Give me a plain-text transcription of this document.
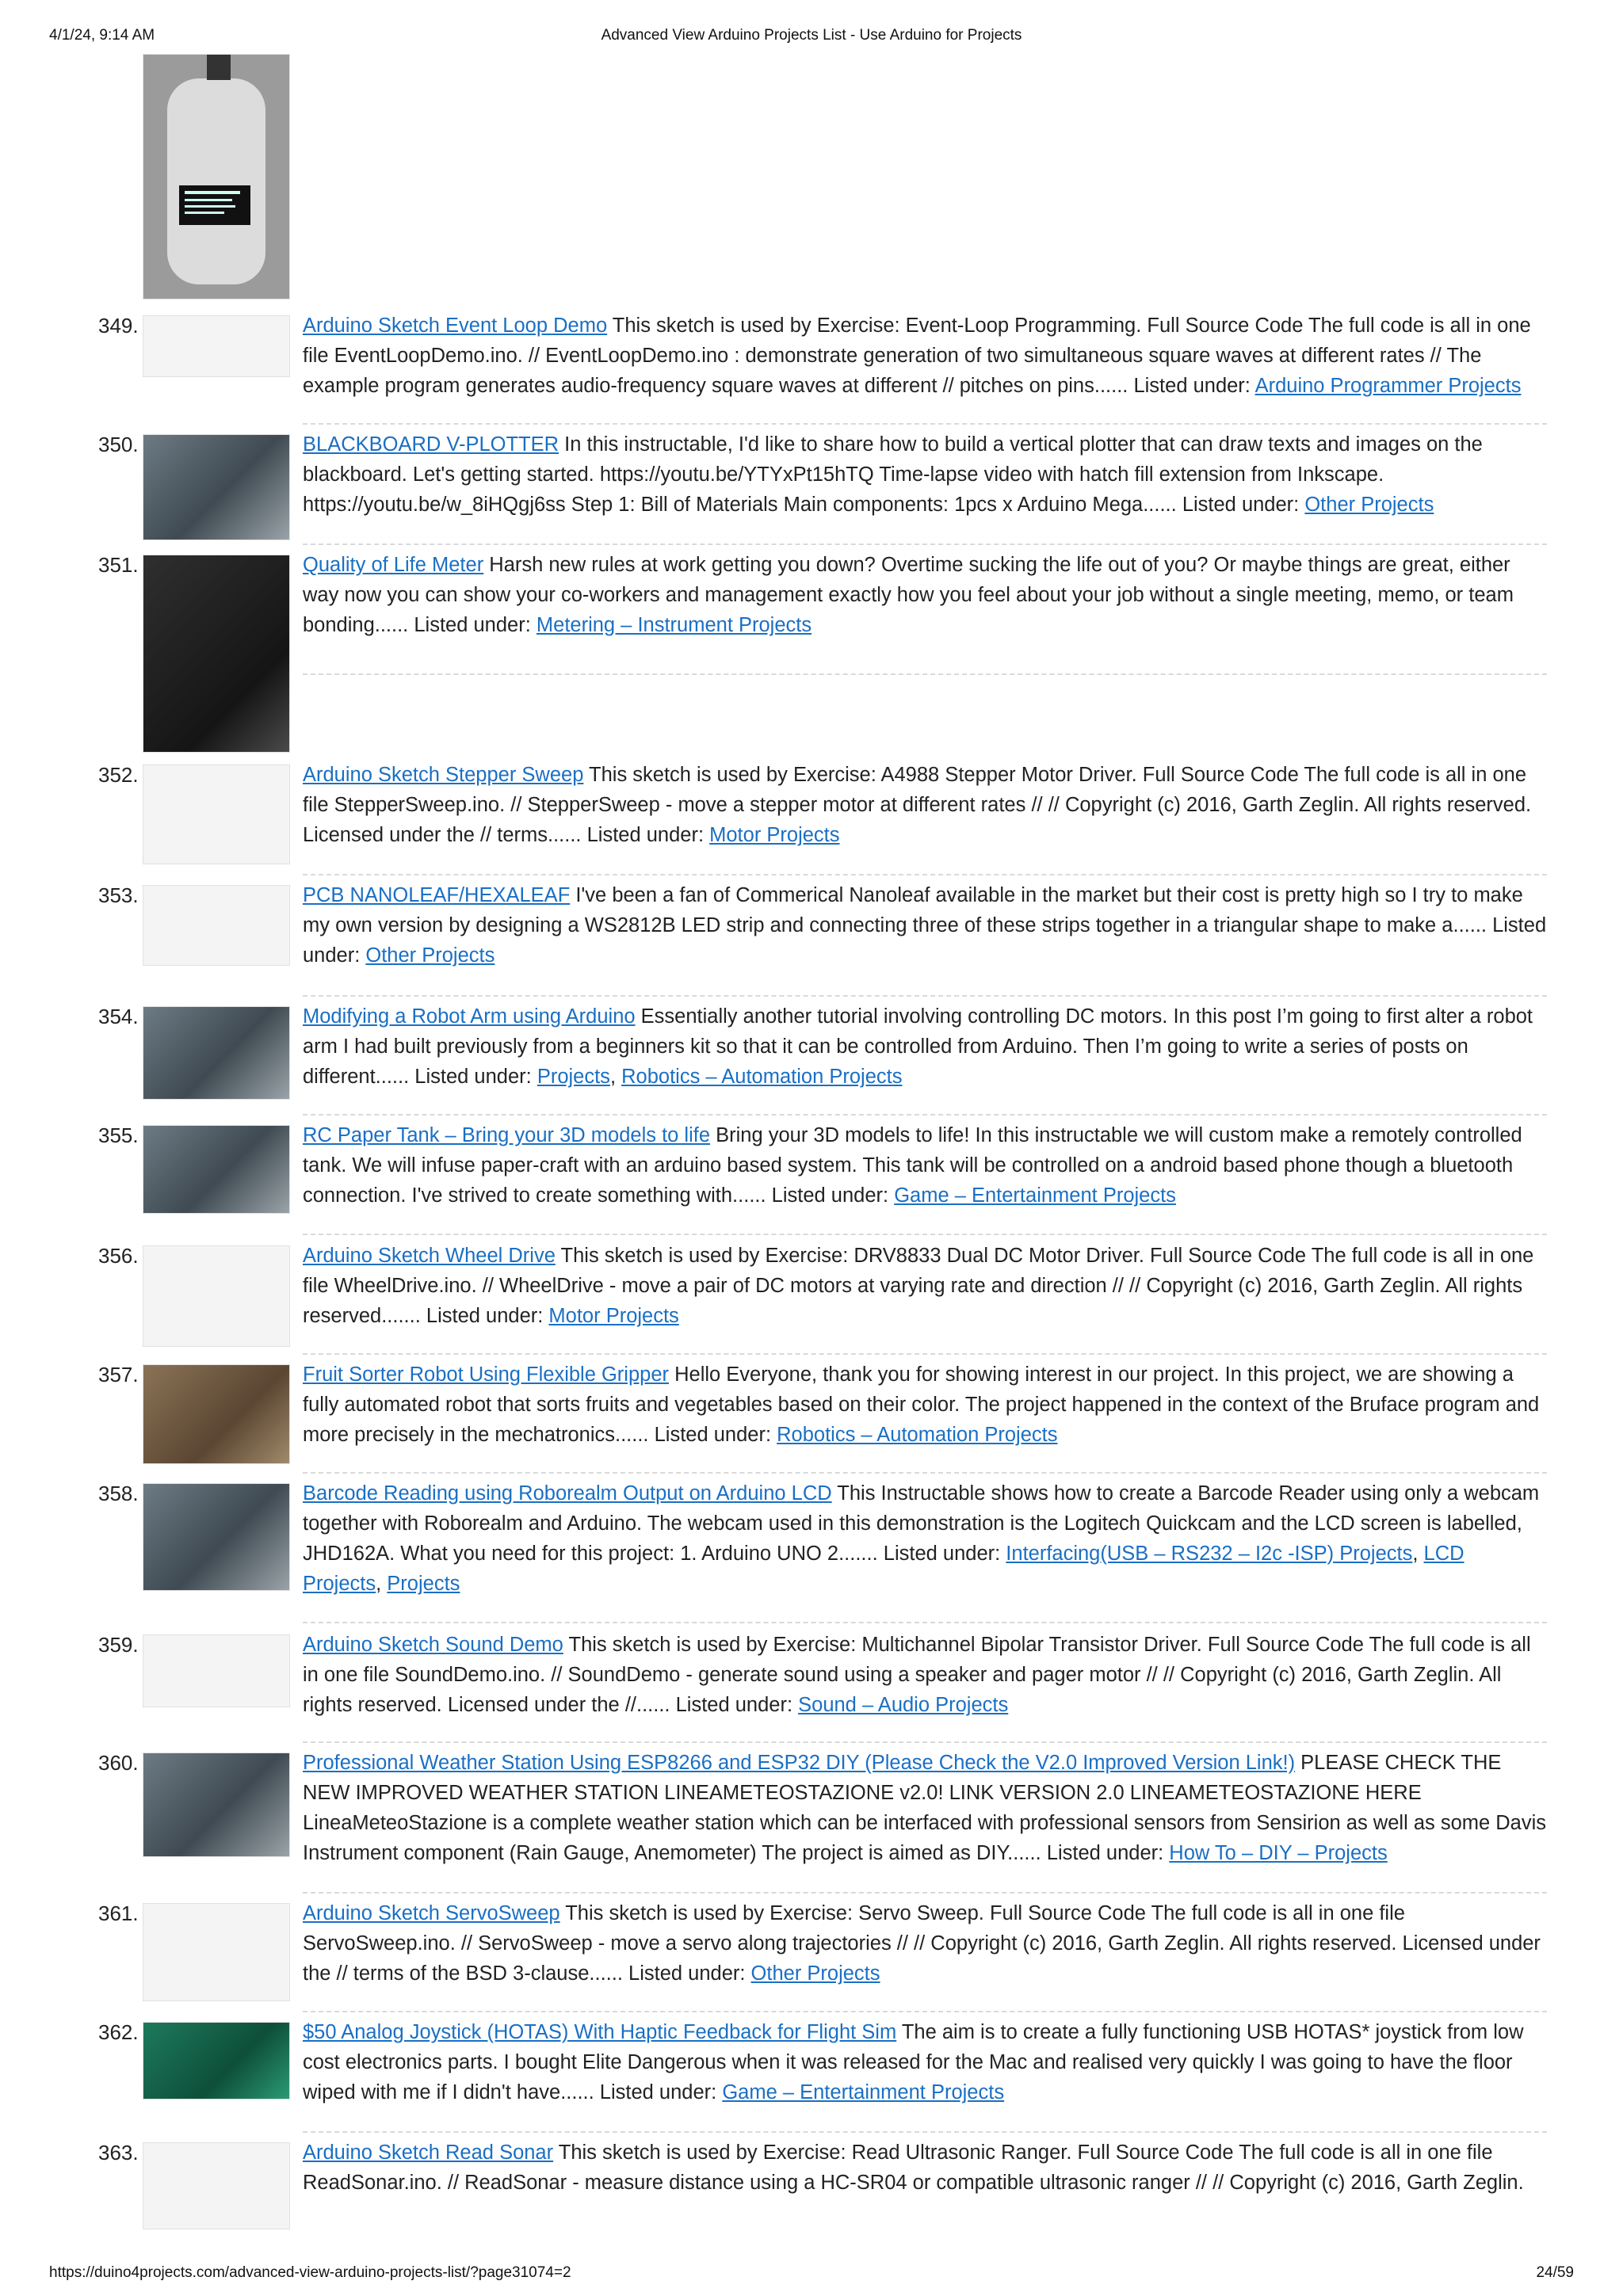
4/1/24, 9:14 AM	Advanced View Arduino Projects List - Use Arduino for Projects
https://duino4projects.com/advanced-view-arduino-projects-list/?page31074=2	24/59
349.	Arduino Sketch Event Loop Demo This sketch is used by Exercise: Event-Loop Programming. Full Source Code The full code is all in one file EventLoopDemo.ino. // EventLoopDemo.ino : demonstrate generation of two simultaneous square waves at different rates // The example program generates audio-frequency square waves at different // pitches on pins...... Listed under: Arduino Programmer Projects
350.	BLACKBOARD V-PLOTTER In this instructable, I'd like to share how to build a vertical plotter that can draw texts and images on the blackboard. Let's getting started. https://youtu.be/YTYxPt15hTQ Time-lapse video with hatch fill extension from Inkscape. https://youtu.be/w_8iHQgj6ss Step 1: Bill of Materials Main components: 1pcs x Arduino Mega...... Listed under: Other Projects
351.	Quality of Life Meter Harsh new rules at work getting you down? Overtime sucking the life out of you? Or maybe things are great, either way now you can show your co-workers and management exactly how you feel about your job without a single meeting, memo, or team bonding...... Listed under: Metering – Instrument Projects
352.	Arduino Sketch Stepper Sweep This sketch is used by Exercise: A4988 Stepper Motor Driver. Full Source Code The full code is all in one file StepperSweep.ino. // StepperSweep - move a stepper motor at different rates // // Copyright (c) 2016, Garth Zeglin. All rights reserved. Licensed under the // terms...... Listed under: Motor Projects
353.	PCB NANOLEAF/HEXALEAF I've been a fan of Commerical Nanoleaf available in the market but their cost is pretty high so I try to make my own version by designing a WS2812B LED strip and connecting three of these strips together in a triangular shape to make a...... Listed under: Other Projects
354.	Modifying a Robot Arm using Arduino Essentially another tutorial involving controlling DC motors. In this post I’m going to first alter a robot arm I had built previously from a beginners kit so that it can be controlled from Arduino. Then I’m going to write a series of posts on different...... Listed under: Projects, Robotics – Automation Projects
355.	RC Paper Tank – Bring your 3D models to life Bring your 3D models to life! In this instructable we will custom make a remotely controlled tank. We will infuse paper-craft with an arduino based system. This tank will be controlled on a android based phone though a bluetooth connection. I've strived to create something with...... Listed under: Game – Entertainment Projects
356.	Arduino Sketch Wheel Drive This sketch is used by Exercise: DRV8833 Dual DC Motor Driver. Full Source Code The full code is all in one file WheelDrive.ino. // WheelDrive - move a pair of DC motors at varying rate and direction // // Copyright (c) 2016, Garth Zeglin. All rights reserved....... Listed under: Motor Projects
357.	Fruit Sorter Robot Using Flexible Gripper Hello Everyone, thank you for showing interest in our project. In this project, we are showing a fully automated robot that sorts fruits and vegetables based on their color. The project happened in the context of the Bruface program and more precisely in the mechatronics...... Listed under: Robotics – Automation Projects
358.	Barcode Reading using Roborealm Output on Arduino LCD This Instructable shows how to create a Barcode Reader using only a webcam together with Roborealm and Arduino. The webcam used in this demonstration is the Logitech Quickcam and the LCD screen is labelled, JHD162A. What you need for this project: 1. Arduino UNO 2....... Listed under: Interfacing(USB – RS232 – I2c -ISP) Projects, LCD Projects, Projects
359.	Arduino Sketch Sound Demo This sketch is used by Exercise: Multichannel Bipolar Transistor Driver. Full Source Code The full code is all in one file SoundDemo.ino. // SoundDemo - generate sound using a speaker and pager motor // // Copyright (c) 2016, Garth Zeglin. All rights reserved. Licensed under the //...... Listed under: Sound – Audio Projects
360.	Professional Weather Station Using ESP8266 and ESP32 DIY (Please Check the V2.0 Improved Version Link!) PLEASE CHECK THE NEW IMPROVED WEATHER STATION LINEAMETEOSTAZIONE v2.0! LINK VERSION 2.0 LINEAMETEOSTAZIONE HERE LineaMeteoStazione is a complete weather station which can be interfaced with professional sensors from Sensirion as well as some Davis Instrument component (Rain Gauge, Anemometer) The project is aimed as DIY...... Listed under: How To – DIY – Projects
361.	Arduino Sketch ServoSweep This sketch is used by Exercise: Servo Sweep. Full Source Code The full code is all in one file ServoSweep.ino. // ServoSweep - move a servo along trajectories // // Copyright (c) 2016, Garth Zeglin. All rights reserved. Licensed under the // terms of the BSD 3-clause...... Listed under: Other Projects
362.	$50 Analog Joystick (HOTAS) With Haptic Feedback for Flight Sim The aim is to create a fully functioning USB HOTAS* joystick from low cost electronics parts. I bought Elite Dangerous when it was released for the Mac and realised very quickly I was going to have the floor wiped with me if I didn't have...... Listed under: Game – Entertainment Projects
363.	Arduino Sketch Read Sonar This sketch is used by Exercise: Read Ultrasonic Ranger. Full Source Code The full code is all in one file ReadSonar.ino. // ReadSonar - measure distance using a HC-SR04 or compatible ultrasonic ranger // // Copyright (c) 2016, Garth Zeglin.
